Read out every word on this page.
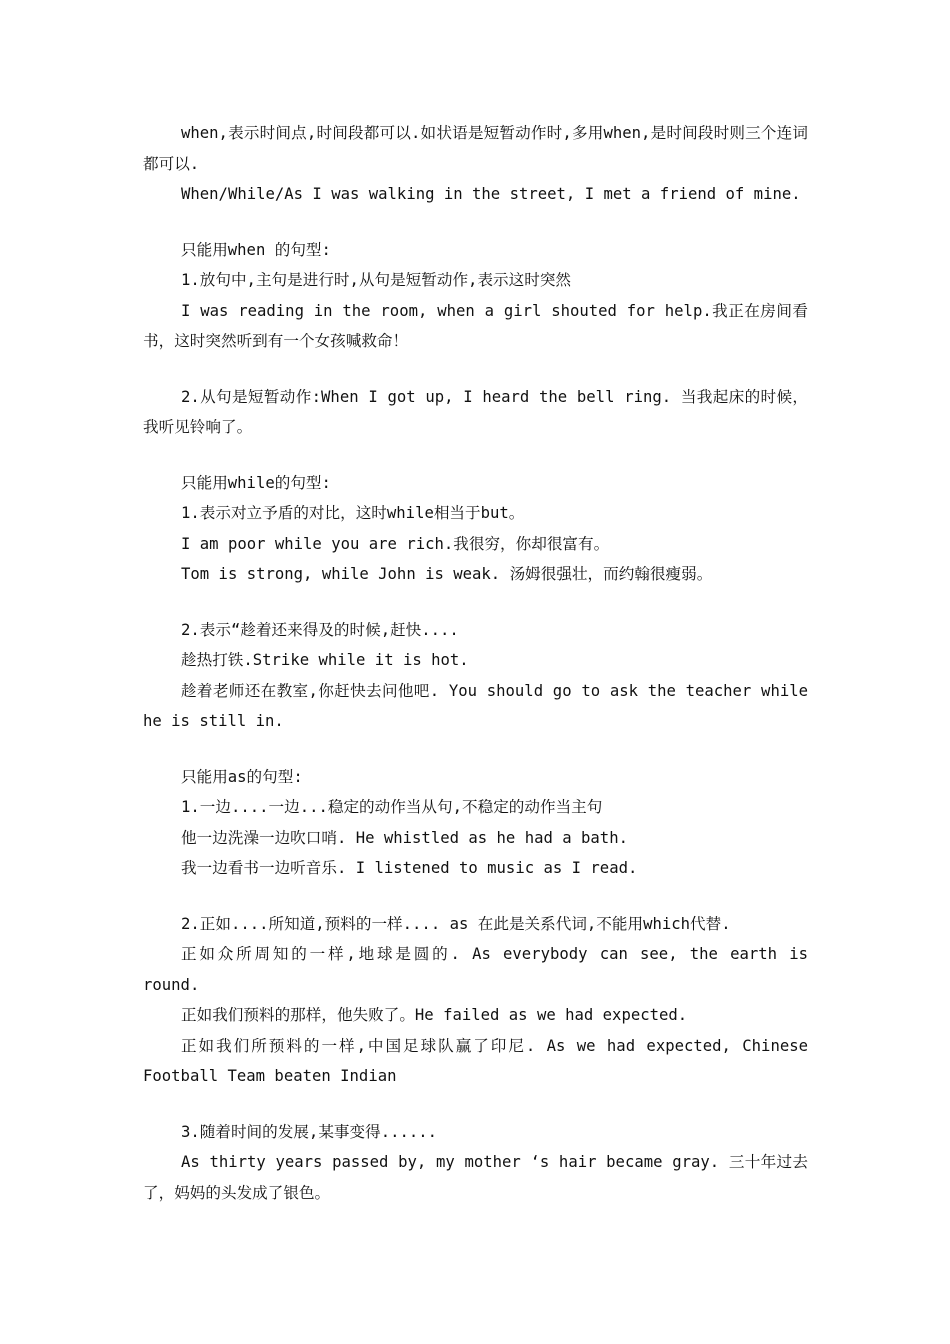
when,表示时间点,时间段都可以.如状语是短暂动作时,多用when,是时间段时则三个连词都可以.

When/While/As I was walking in the street, I met a friend of mine.

只能用when 的句型:

1.放句中,主句是进行时,从句是短暂动作,表示这时突然

I was reading in the room, when a girl shouted for help.我正在房间看书，这时突然听到有一个女孩喊救命！

2.从句是短暂动作:When I got up, I heard the bell ring. 当我起床的时候，我听见铃响了。

只能用while的句型:

1.表示对立予盾的对比，这时while相当于but。

I am poor while you are rich.我很穷，你却很富有。

Tom is strong, while John is weak. 汤姆很强壮，而约翰很瘦弱。

2.表示“趁着还来得及的时候,赶快....

趁热打铁.Strike while it is hot.

趁着老师还在教室,你赶快去问他吧. You should go to ask the teacher while he is still in.

只能用as的句型:

1.一边....一边...稳定的动作当从句,不稳定的动作当主句

他一边洗澡一边吹口哨. He whistled as he had a bath.

我一边看书一边听音乐. I listened to music as I read.

2.正如....所知道,预料的一样.... as 在此是关系代词,不能用which代替.

正如众所周知的一样,地球是圆的. As everybody can see, the earth is round.

正如我们预料的那样，他失败了。He failed as we had expected.

正如我们所预料的一样,中国足球队赢了印尼. As we had expected, Chinese Football Team beaten Indian

3.随着时间的发展,某事变得......

As thirty years passed by, my mother ‘s hair became gray. 三十年过去了，妈妈的头发成了银色。
